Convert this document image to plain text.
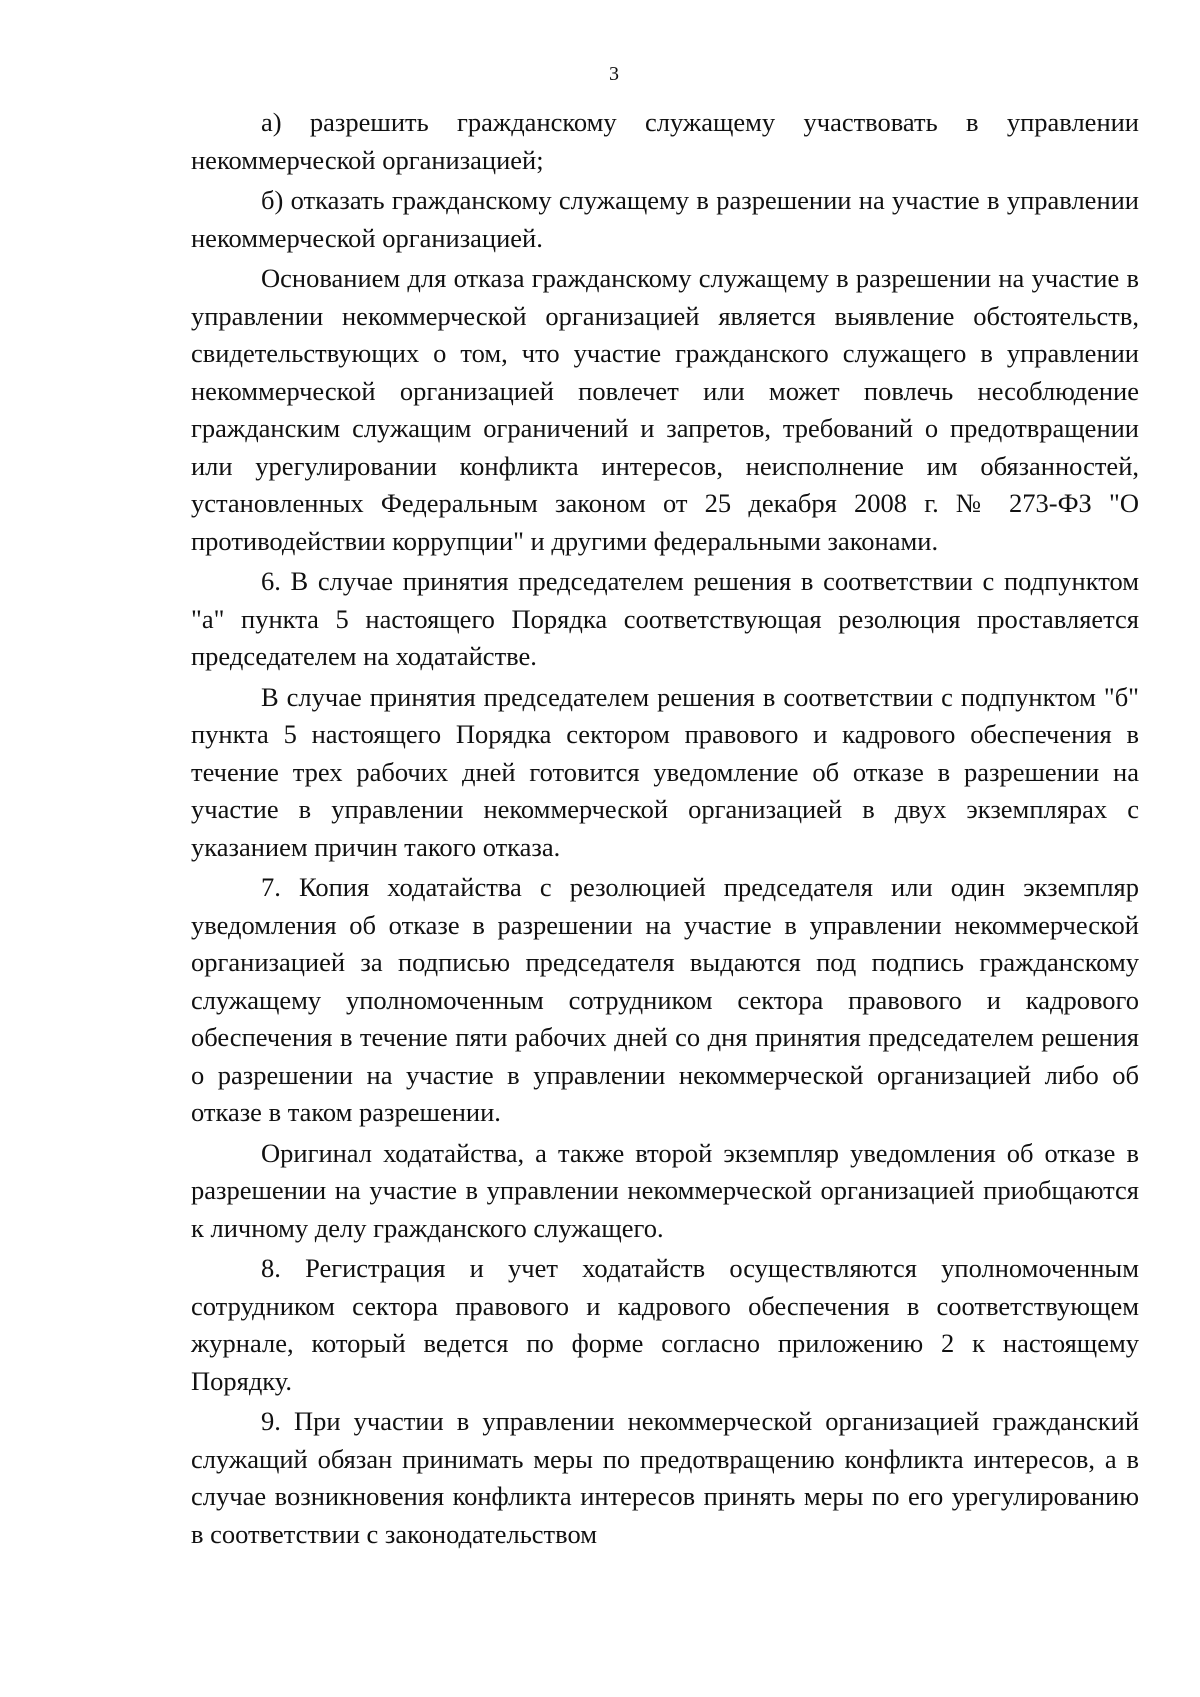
3

а) разрешить гражданскому служащему участвовать в управлении некоммерческой организацией;

б) отказать гражданскому служащему в разрешении на участие в управлении некоммерческой организацией.

Основанием для отказа гражданскому служащему в разрешении на участие в управлении некоммерческой организацией является выявление обстоятельств, свидетельствующих о том, что участие гражданского служащего в управлении некоммерческой организацией повлечет или может повлечь несоблюдение гражданским служащим ограничений и запретов, требований о предотвращении или урегулировании конфликта интересов, неисполнение им обязанностей, установленных Федеральным законом от 25 декабря 2008 г. № 273-ФЗ "О противодействии коррупции" и другими федеральными законами.

6. В случае принятия председателем решения в соответствии с подпунктом "а" пункта 5 настоящего Порядка соответствующая резолюция проставляется председателем на ходатайстве.

В случае принятия председателем решения в соответствии с подпунктом "б" пункта 5 настоящего Порядка сектором правового и кадрового обеспечения в течение трех рабочих дней готовится уведомление об отказе в разрешении на участие в управлении некоммерческой организацией в двух экземплярах с указанием причин такого отказа.

7. Копия ходатайства с резолюцией председателя или один экземпляр уведомления об отказе в разрешении на участие в управлении некоммерческой организацией за подписью председателя выдаются под подпись гражданскому служащему уполномоченным сотрудником сектора правового и кадрового обеспечения в течение пяти рабочих дней со дня принятия председателем решения о разрешении на участие в управлении некоммерческой организацией либо об отказе в таком разрешении.

Оригинал ходатайства, а также второй экземпляр уведомления об отказе в разрешении на участие в управлении некоммерческой организацией приобщаются к личному делу гражданского служащего.

8. Регистрация и учет ходатайств осуществляются уполномоченным сотрудником сектора правового и кадрового обеспечения в соответствующем журнале, который ведется по форме согласно приложению 2 к настоящему Порядку.

9. При участии в управлении некоммерческой организацией гражданский служащий обязан принимать меры по предотвращению конфликта интересов, а в случае возникновения конфликта интересов принять меры по его урегулированию в соответствии с законодательством
